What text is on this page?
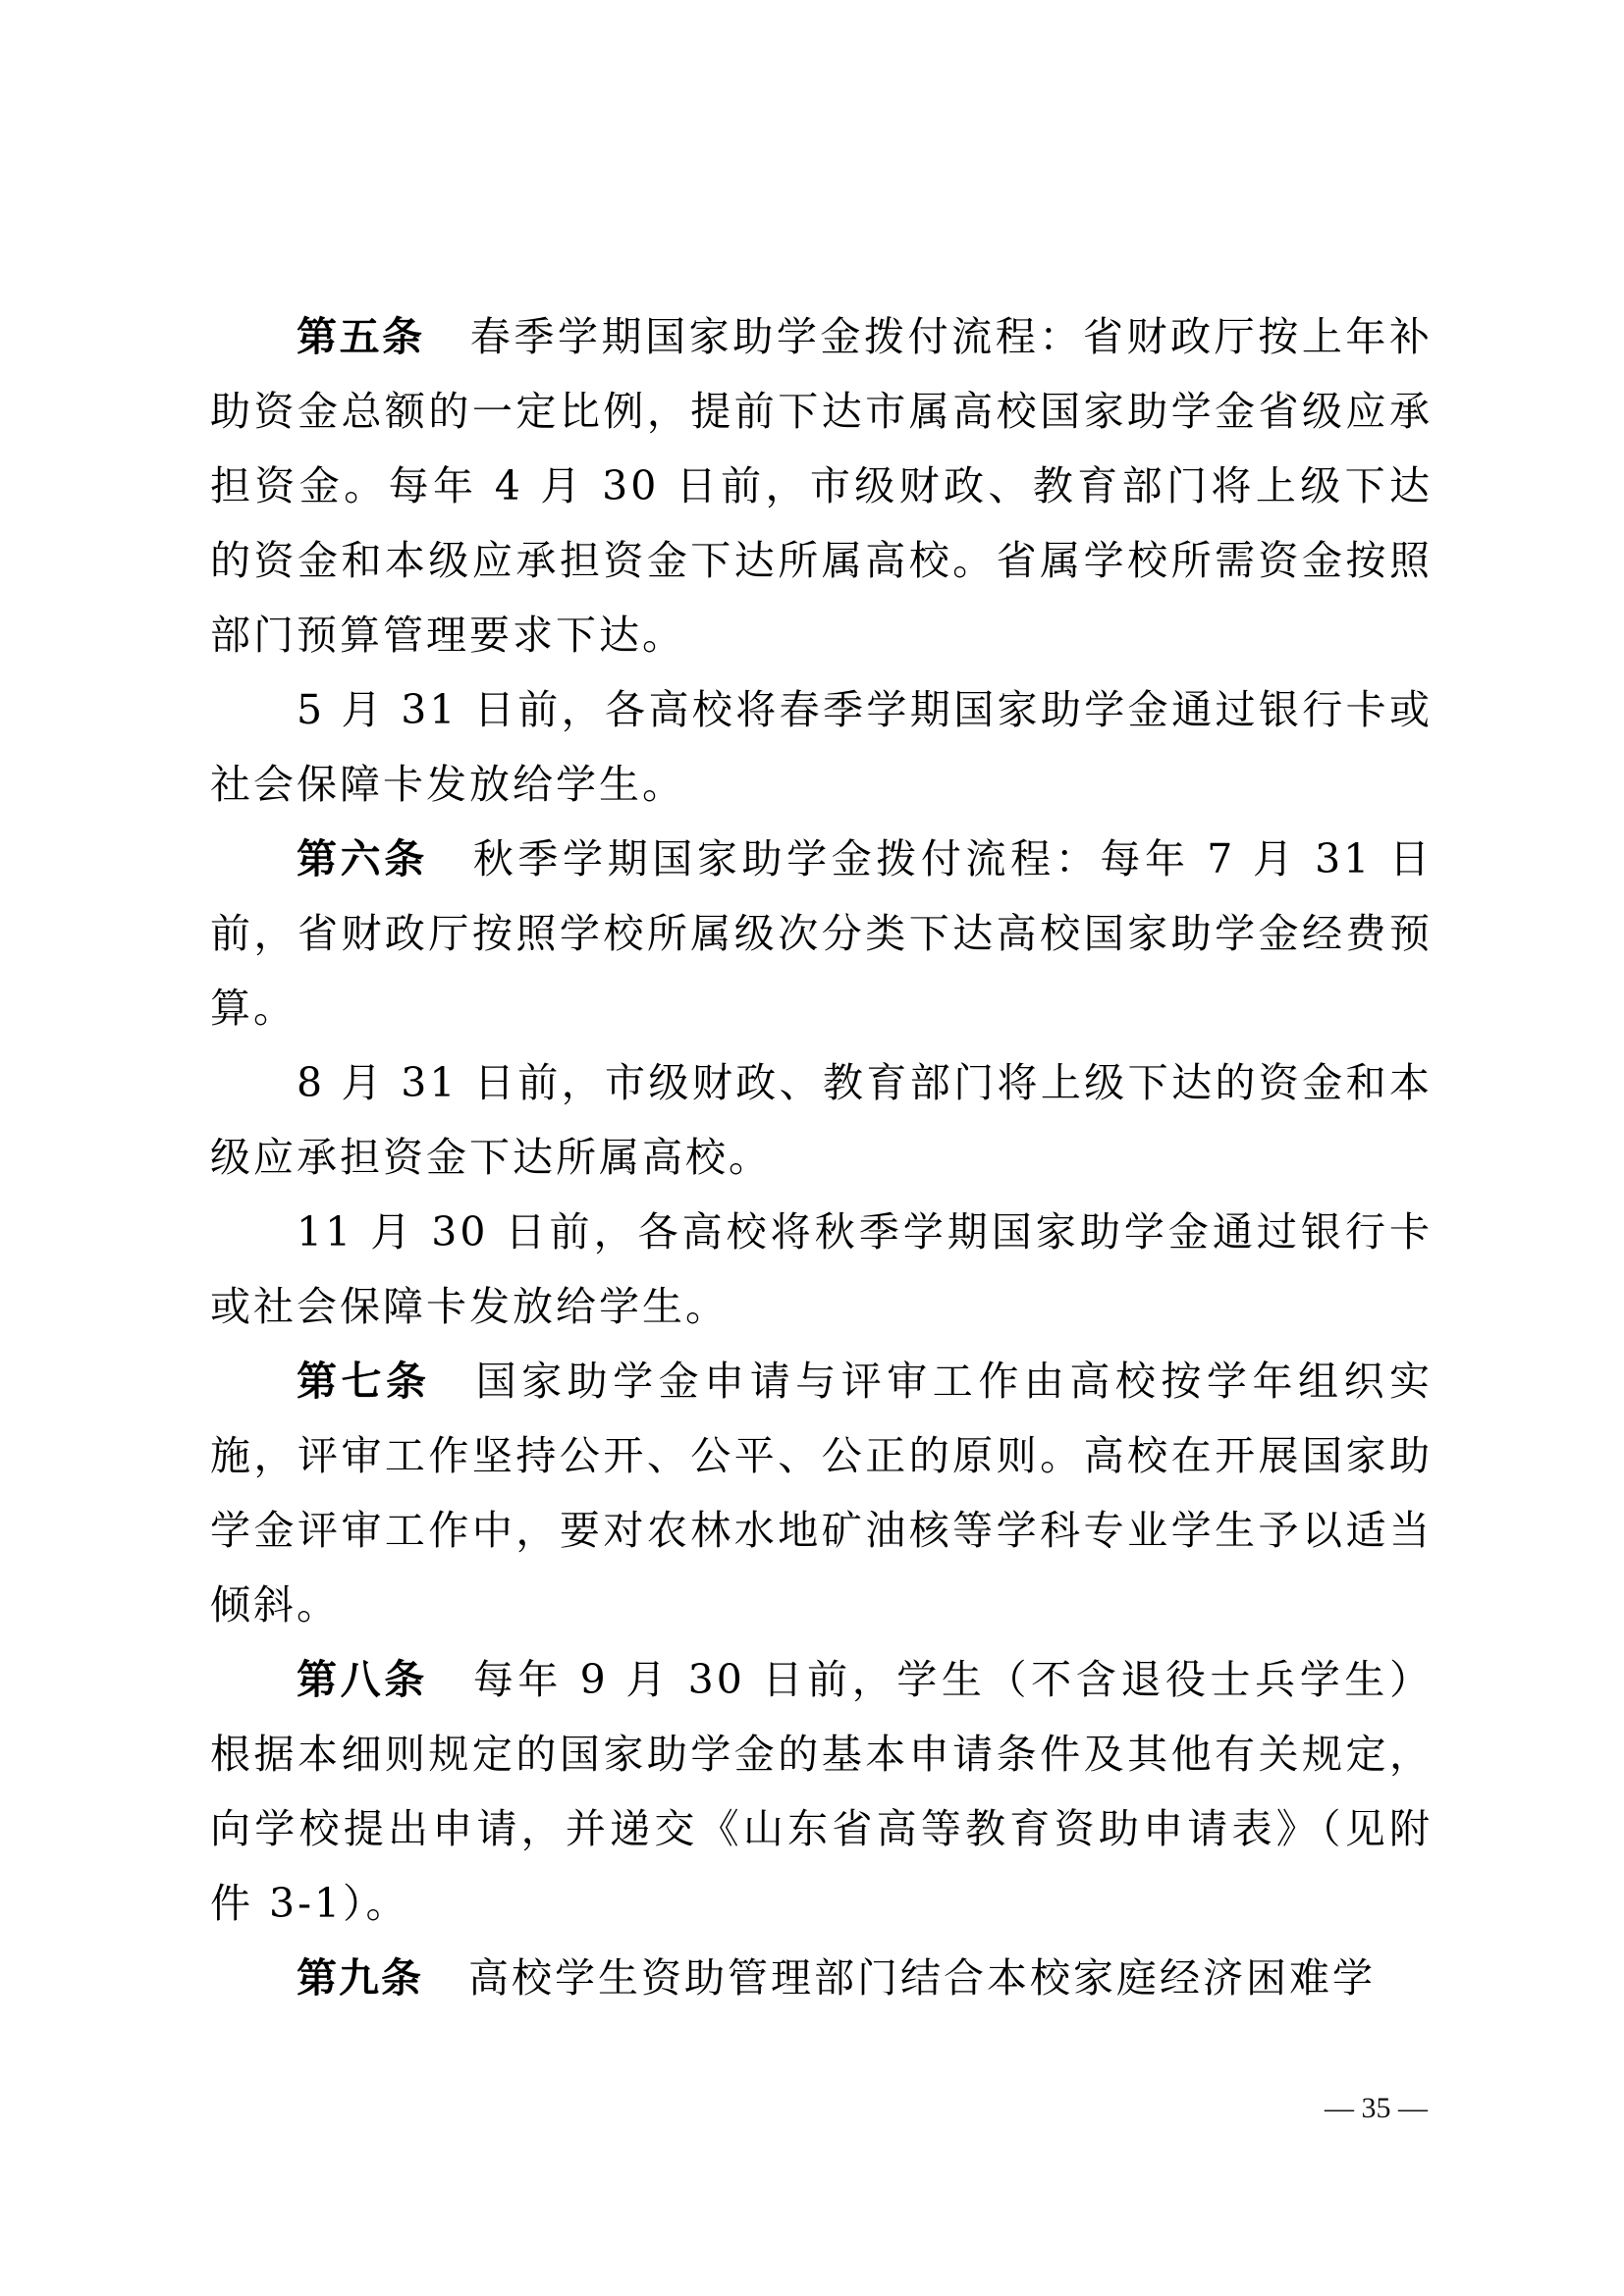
第五条 春季学期国家助学金拨付流程：省财政厅按上年补助资金总额的一定比例，提前下达市属高校国家助学金省级应承担资金。每年 4 月 30 日前，市级财政、教育部门将上级下达的资金和本级应承担资金下达所属高校。省属学校所需资金按照部门预算管理要求下达。

5 月 31 日前，各高校将春季学期国家助学金通过银行卡或社会保障卡发放给学生。

第六条 秋季学期国家助学金拨付流程：每年 7 月 31 日前，省财政厅按照学校所属级次分类下达高校国家助学金经费预算。

8 月 31 日前，市级财政、教育部门将上级下达的资金和本级应承担资金下达所属高校。

11 月 30 日前，各高校将秋季学期国家助学金通过银行卡或社会保障卡发放给学生。

第七条 国家助学金申请与评审工作由高校按学年组织实施，评审工作坚持公开、公平、公正的原则。高校在开展国家助学金评审工作中，要对农林水地矿油核等学科专业学生予以适当倾斜。

第八条 每年 9 月 30 日前，学生（不含退役士兵学生）根据本细则规定的国家助学金的基本申请条件及其他有关规定，向学校提出申请，并递交《山东省高等教育资助申请表》（见附件 3-1）。

第九条 高校学生资助管理部门结合本校家庭经济困难学

— 35 —
